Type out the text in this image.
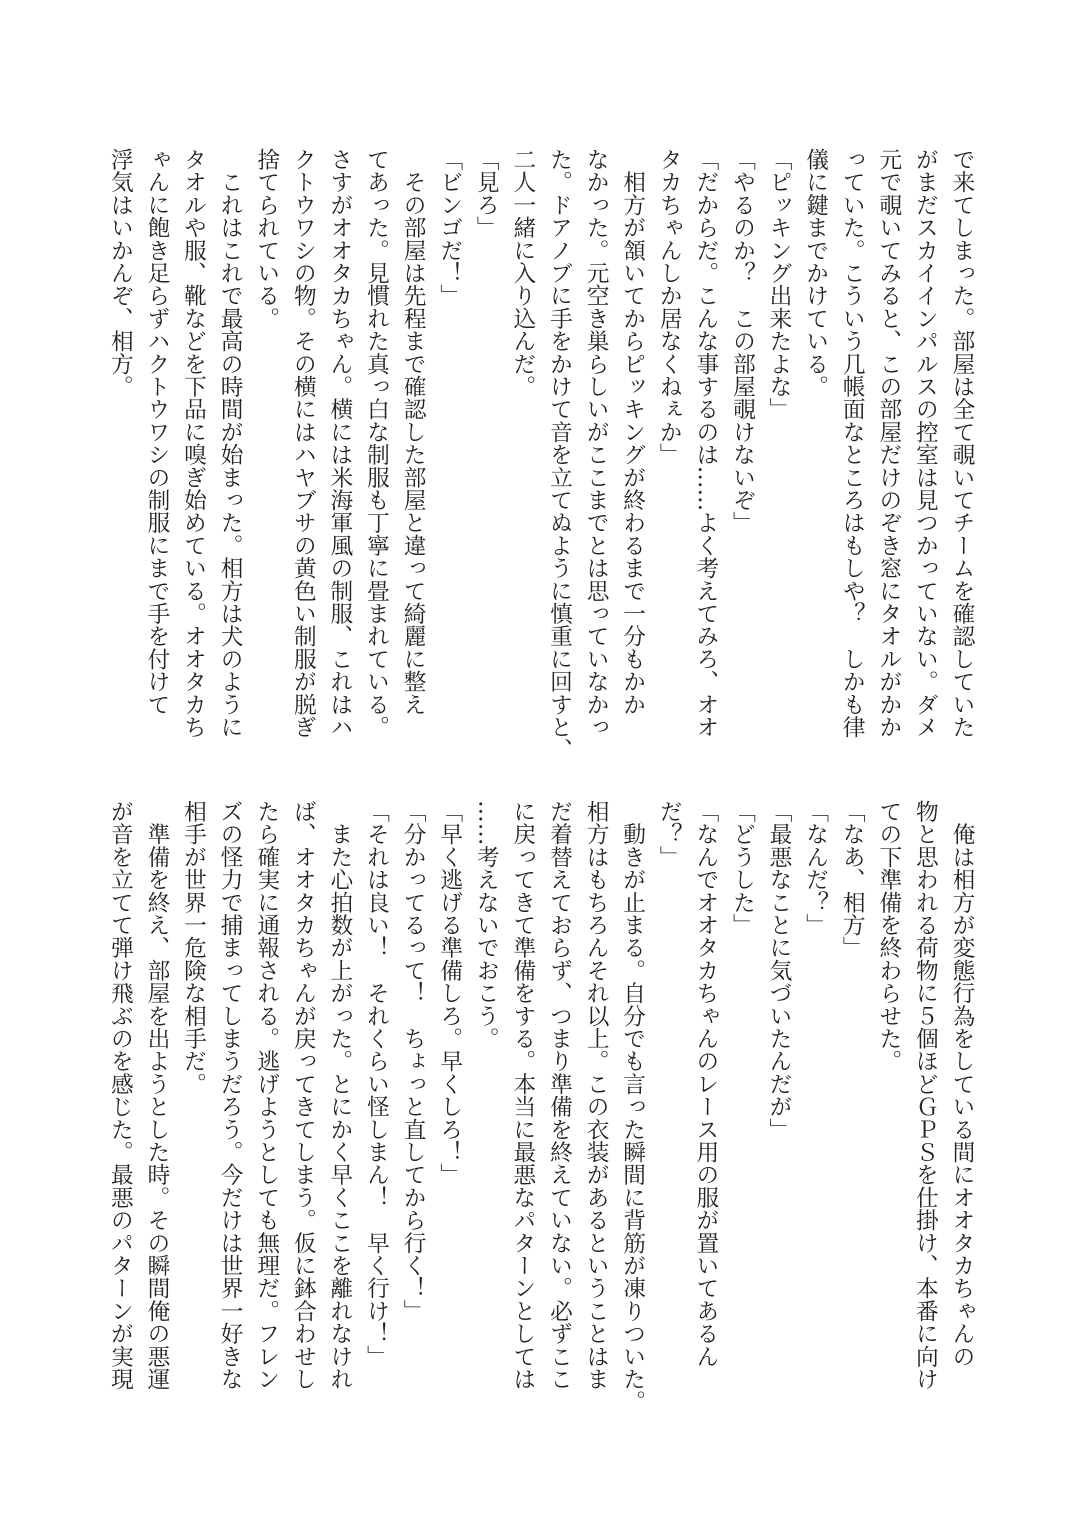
で来てしまった。部屋は全て覗いてチームを確認していた
がまだスカイインパルスの控室は見つかっていない。ダメ
元で覗いてみると、この部屋だけのぞき窓にタオルがかか
っていた。こういう几帳面なところはもしや？　しかも律
儀に鍵までかけている。
「ピッキング出来たよな」
「やるのか？　この部屋覗けないぞ」
「だからだ。こんな事するのは……よく考えてみろ、オオ
タカちゃんしか居なくねぇか」
　相方が頷いてからピッキングが終わるまで一分もかか
なかった。元空き巣らしいがここまでとは思っていなかっ
た。ドアノブに手をかけて音を立てぬように慎重に回すと、
二人一緒に入り込んだ。
「見ろ」
「ビンゴだ！」
　その部屋は先程まで確認した部屋と違って綺麗に整え
てあった。見慣れた真っ白な制服も丁寧に畳まれている。
さすがオオタカちゃん。横には米海軍風の制服、これはハ
クトウワシの物。その横にはハヤブサの黄色い制服が脱ぎ
捨てられている。
　これはこれで最高の時間が始まった。相方は犬のように
タオルや服、靴などを下品に嗅ぎ始めている。オオタカち
ゃんに飽き足らずハクトウワシの制服にまで手を付けて
浮気はいかんぞ、相方。
　俺は相方が変態行為をしている間にオオタカちゃんの
物と思われる荷物に５個ほどＧＰＳを仕掛け、本番に向け
ての下準備を終わらせた。
「なあ、相方」
「なんだ？」
「最悪なことに気づいたんだが」
「どうした」
「なんでオオタカちゃんのレース用の服が置いてあるん
だ？」
　動きが止まる。自分でも言った瞬間に背筋が凍りついた。
相方はもちろんそれ以上。この衣装があるということはま
だ着替えておらず、つまり準備を終えていない。必ずここ
に戻ってきて準備をする。本当に最悪なパターンとしては
……考えないでおこう。
「早く逃げる準備しろ。早くしろ！」
「分かってるって！　ちょっと直してから行く！」
「それは良い！　それくらい怪しまん！　早く行け！」
　また心拍数が上がった。とにかく早くここを離れなけれ
ば、オオタカちゃんが戻ってきてしまう。仮に鉢合わせし
たら確実に通報される。逃げようとしても無理だ。フレン
ズの怪力で捕まってしまうだろう。今だけは世界一好きな
相手が世界一危険な相手だ。
　準備を終え、部屋を出ようとした時。その瞬間俺の悪運
が音を立てて弾け飛ぶのを感じた。最悪のパターンが実現
